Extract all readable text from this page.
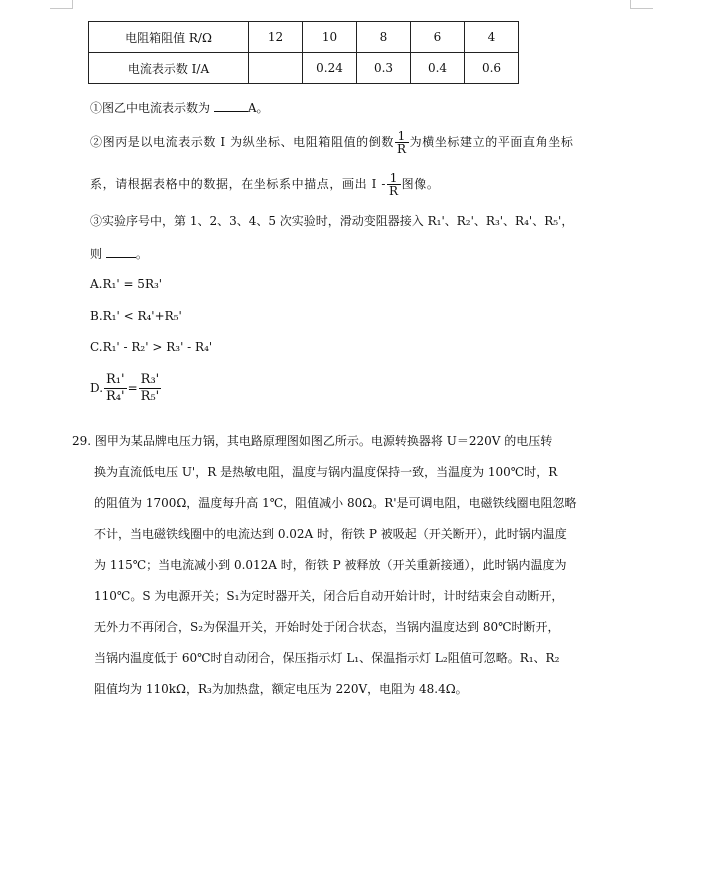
电阻箱阻值 R/Ω	12	10	8	6	4
电流表示数 I/A		0.24	0.3	0.4	0.6
①图乙中电流表示数为	A。
②图丙是以电流表示数 I 为纵坐标、电阻箱阻值的倒数 $\frac{1}{R}$ 为横坐标建立的平面直角坐标
系，请根据表格中的数据，在坐标系中描点，画出 I - $\frac{1}{R}$ 图像。
③实验序号中，第 1、2、3、4、5 次实验时，滑动变阻器接入 R₁'、R₂'、R₃'、R₄'、R₅'，
则	。
A.R₁' = 5R₃'
B.R₁' < R₄'+R₅'
C.R₁' - R₂' > R₃' - R₄'
D. $\frac{\text{R₁'}}{\text{R₄'}} = \frac{\text{R₃'}}{\text{R₅'}}$
29. 图甲为某品牌电压力锅，其电路原理图如图乙所示。电源转换器将 U＝220V 的电压转
换为直流低电压 U'，R 是热敏电阻，温度与锅内温度保持一致，当温度为 100℃时，R
的阻值为 1700Ω，温度每升高 1℃，阻值减小 80Ω。R'是可调电阻，电磁铁线圈电阻忽略
不计，当电磁铁线圈中的电流达到 0.02A 时，衔铁 P 被吸起（开关断开），此时锅内温度
为 115℃；当电流减小到 0.012A 时，衔铁 P 被释放（开关重新接通），此时锅内温度为
110℃。S 为电源开关；S₁为定时器开关，闭合后自动开始计时，计时结束会自动断开，
无外力不再闭合，S₂为保温开关，开始时处于闭合状态，当锅内温度达到 80℃时断开，
当锅内温度低于 60℃时自动闭合，保压指示灯 L₁、保温指示灯 L₂阻值可忽略。R₁、R₂
阻值均为 110kΩ，R₃为加热盘，额定电压为 220V，电阻为 48.4Ω。
